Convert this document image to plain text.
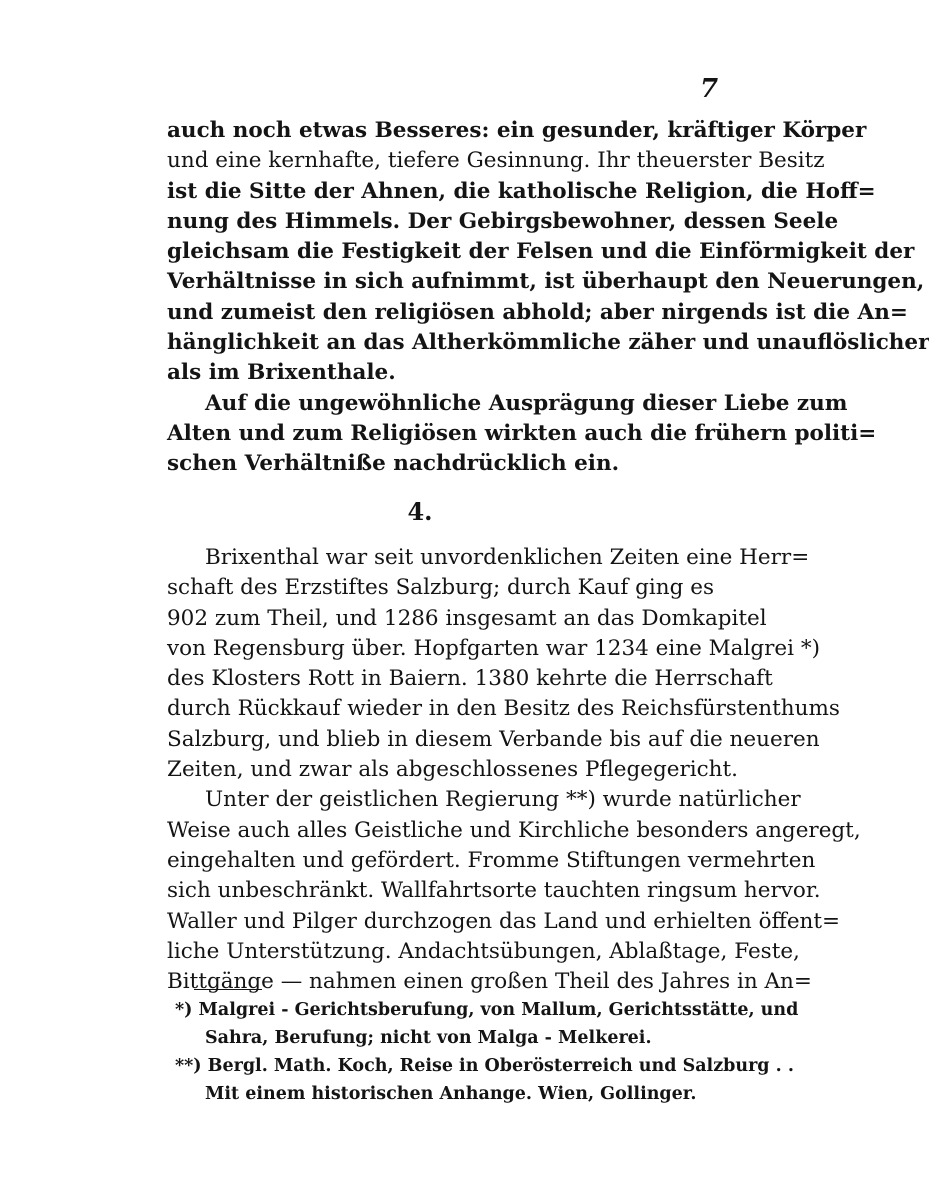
7
auch noch etwas Besseres: ein gesunder, kräftiger Körper
und eine kernhafte, tiefere Gesinnung. Ihr theuerster Besitz
ist die Sitte der Ahnen, die katholische Religion, die Hoff=
nung des Himmels. Der Gebirgsbewohner, dessen Seele
gleichsam die Festigkeit der Felsen und die Einförmigkeit der
Verhältnisse in sich aufnimmt, ist überhaupt den Neuerungen,
und zumeist den religiösen abhold; aber nirgends ist die An=
hänglichkeit an das Altherkömmliche zäher und unauflöslicher
als im Brixenthale.
Auf die ungewöhnliche Ausprägung dieser Liebe zum
Alten und zum Religiösen wirkten auch die frühern politi=
schen Verhältniße nachdrücklich ein.
4.
Brixenthal war seit unvordenklichen Zeiten eine Herr=
schaft des Erzstiftes Salzburg; durch Kauf ging es
902 zum Theil, und 1286 insgesamt an das Domkapitel
von Regensburg über. Hopfgarten war 1234 eine Malgrei *)
des Klosters Rott in Baiern. 1380 kehrte die Herrschaft
durch Rückkauf wieder in den Besitz des Reichsfürstenthums
Salzburg, und blieb in diesem Verbande bis auf die neueren
Zeiten, und zwar als abgeschlossenes Pflegegericht.
Unter der geistlichen Regierung **) wurde natürlicher
Weise auch alles Geistliche und Kirchliche besonders angeregt,
eingehalten und gefördert. Fromme Stiftungen vermehrten
sich unbeschränkt. Wallfahrtsorte tauchten ringsum hervor.
Waller und Pilger durchzogen das Land und erhielten öffent=
liche Unterstützung. Andachtsübungen, Ablaßtage, Feste,
Bittgänge — nahmen einen großen Theil des Jahres in An=
*) Malgrei - Gerichtsberufung, von Mallum, Gerichtsstätte, und
Sahra, Berufung; nicht von Malga - Melkerei.
**) Bergl. Math. Koch, Reise in Oberösterreich und Salzburg . .
Mit einem historischen Anhange. Wien, Gollinger.
